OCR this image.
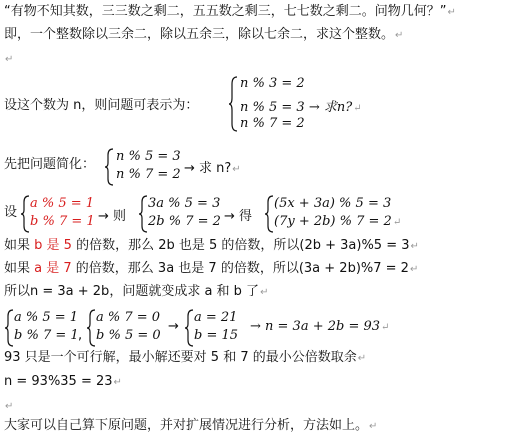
“有物不知其数，三三数之剩二，五五数之剩三，七七数之剩二。问物几何？”↵
即，一个整数除以三余二，除以五余三，除以七余二，求这个整数。↵
↵
设这个数为 n，则问题可表示为：
n % 3 = 2
n % 5 = 3 → 求n?↵
n % 7 = 2
先把问题简化：
n % 5 = 3
n % 7 = 2 → 求 n?↵
设
a % 5 = 1
b % 7 = 1 → 则
3a % 5 = 3
2b % 7 = 2 → 得
(5x + 3a) % 5 = 3
(7y + 2b) % 7 = 2↵
如果 b 是 5 的倍数，那么 2b 也是 5 的倍数，所以(2b + 3a)%5 = 3↵
如果 a 是 7 的倍数，那么 3a 也是 7 的倍数，所以(3a + 2b)%7 = 2↵
所以n = 3a + 2b，问题就变成求 a 和 b 了↵
a % 5 = 1
b % 7 = 1 ,
a % 7 = 0
b % 5 = 0
→
a = 21
b = 15
→ n = 3a + 2b = 93↵
93 只是一个可行解，最小解还要对 5 和 7 的最小公倍数取余↵
n = 93%35 = 23↵
↵
大家可以自己算下原问题，并对扩展情况进行分析，方法如上。↵
